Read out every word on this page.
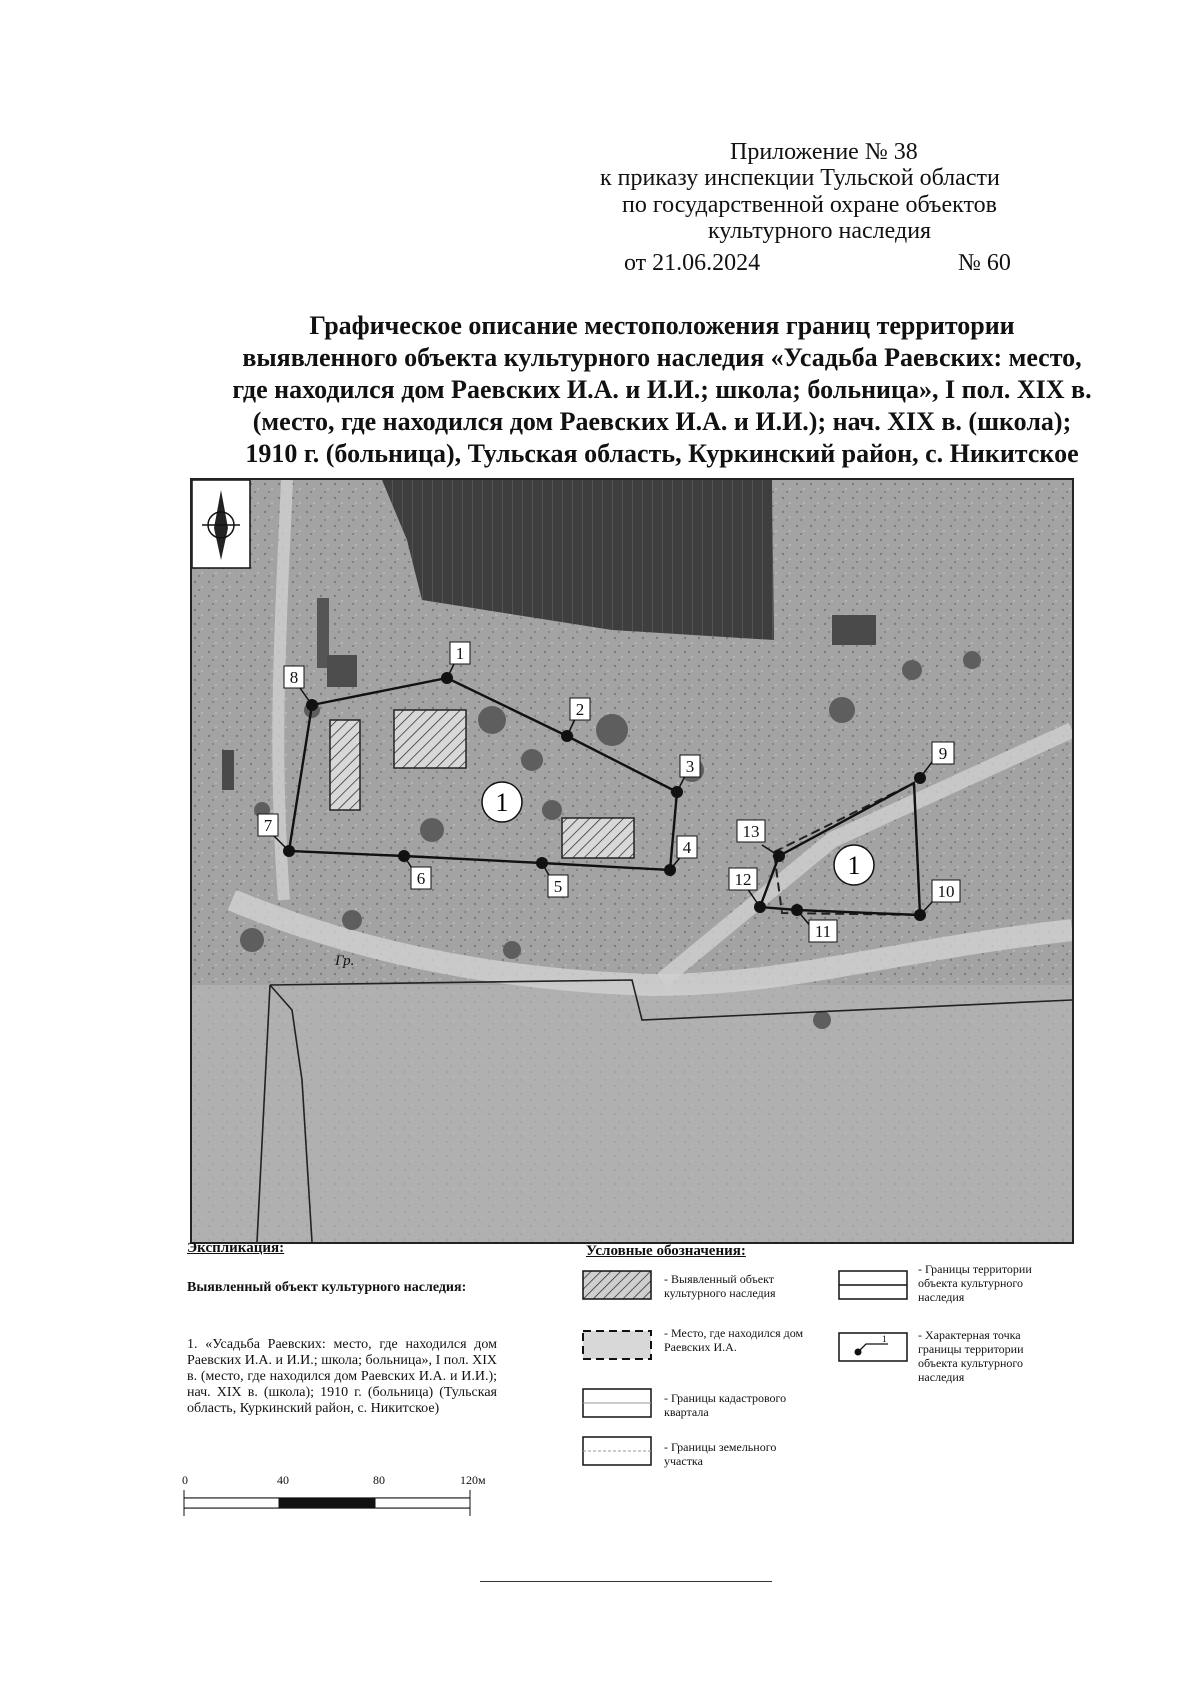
Приложение № 38
к приказу инспекции Тульской области
по государственной охране объектов
культурного наследия
от 21.06.2024	№ 60
Графическое описание местоположения границ территории
выявленного объекта культурного наследия «Усадьба Раевских: место,
где находился дом Раевских И.А. и И.И.; школа; больница», I пол. XIX в.
(место, где находился дом Раевских И.А. и И.И.); нач. XIX в. (школа);
1910 г. (больница), Тульская область, Куркинский район, с. Никитское
1
2
3
4
5
6
7
8
9
10
11
12
13
1
1
Гр.
Экспликация:
Выявленный объект культурного наследия:
1. «Усадьба Раевских: место, где находился дом Раевских И.А. и И.И.; школа; больница», I пол. XIX в. (место, где находился дом Раевских И.А. и И.И.); нач. XIX в. (школа); 1910 г. (больница) (Тульская область, Куркинский район, с. Никитское)
Условные обозначения:
- Выявленный объект культурного наследия
- Место, где находился дом Раевских И.А.
- Границы кадастрового квартала
- Границы земельного участка
- Границы территории объекта культурного наследия
1	- Характерная точка границы территории объекта культурного наследия
0	40	80	120м
